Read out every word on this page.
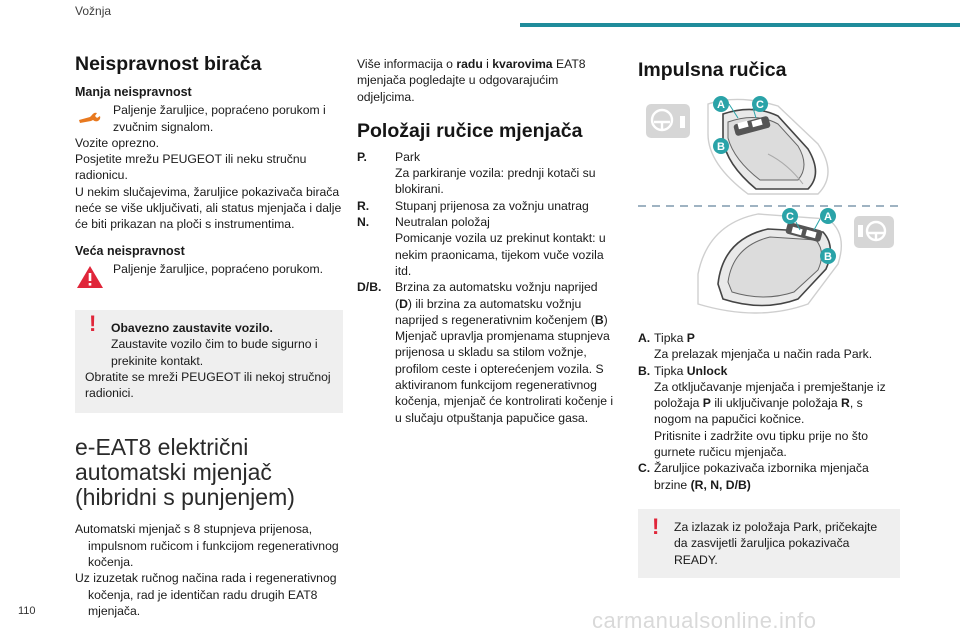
Vožnja
Neispravnost birača
Manja neispravnost

Paljenje žaruljice, popraćeno porukom i zvučnim signalom.

Vozite oprezno.

Posjetite mrežu PEUGEOT ili neku stručnu radionicu.

U nekim slučajevima, žaruljice pokazivača birača neće se više uključivati, ali status mjenjača i dalje će biti prikazan na ploči s instrumentima.

Veća neispravnost

Paljenje žaruljice, popraćeno porukom.

!	Obavezno zaustavite vozilo.
Zaustavite vozilo čim to bude sigurno i prekinite kontakt.
Obratite se mreži PEUGEOT ili nekoj stručnoj radionici.
e-EAT8 električni automatski mjenjač (hibridni s punjenjem)

Automatski mjenjač s 8 stupnjeva prijenosa, impulsnom ručicom i funkcijom regenerativnog kočenja.

Uz izuzetak ručnog načina rada i regenerativnog kočenja, rad je identičan radu drugih EAT8 mjenjača.

Više informacija o radu i kvarovima EAT8 mjenjača pogledajte u odgovarajućim odjeljcima.

Položaji ručice mjenjača
P.	Park
Za parkiranje vozila: prednji kotači su blokirani.
R.	Stupanj prijenosa za vožnju unatrag
N.	Neutralan položaj
Pomicanje vozila uz prekinut kontakt: u nekim praonicama, tijekom vuče vozila itd.
D/B.	Brzina za automatsku vožnju naprijed (D) ili brzina za automatsku vožnju naprijed s regenerativnim kočenjem (B)
Mjenjač upravlja promjenama stupnjeva prijenosa u skladu sa stilom vožnje, profilom ceste i opterećenjem vozila. S aktiviranom funkcijom regenerativnog kočenja, mjenjač će kontrolirati kočenje i u slučaju otpuštanja papučice gasa.
Impulsna ručica
A	C
B
C	A
B
A. Tipka P
Za prelazak mjenjača u način rada Park.
B. Tipka Unlock
Za otključavanje mjenjača i premještanje iz položaja P ili uključivanje položaja R, s nogom na papučici kočnice.
Pritisnite i zadržite ovu tipku prije no što gurnete ručicu mjenjača.
C. Žaruljice pokazivača izbornika mjenjača brzine (R, N, D/B)
!	Za izlazak iz položaja Park, pričekajte da zasvijetli žaruljica pokazivača READY.
110	carmanualsonline.info
